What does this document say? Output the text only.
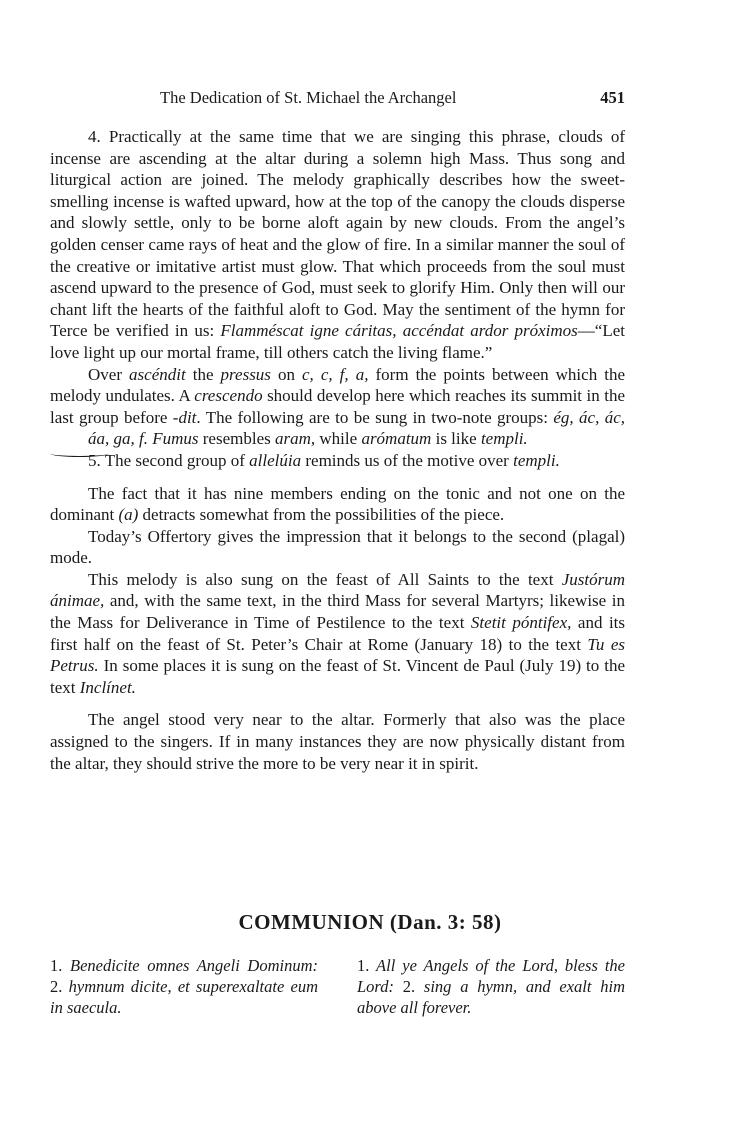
The Dedication of St. Michael the Archangel	451

4. Practically at the same time that we are singing this phrase, clouds of incense are ascending at the altar during a solemn high Mass. Thus song and liturgical action are joined. The melody graphically describes how the sweet-smelling incense is wafted upward, how at the top of the canopy the clouds disperse and slowly settle, only to be borne aloft again by new clouds. From the angel’s golden censer came rays of heat and the glow of fire. In a similar manner the soul of the creative or imitative artist must glow. That which proceeds from the soul must ascend upward to the presence of God, must seek to glorify Him. Only then will our chant lift the hearts of the faithful aloft to God. May the sentiment of the hymn for Terce be verified in us: Flamméscat igne cáritas, accéndat ardor próximos—“Let love light up our mortal frame, till others catch the living flame.”

Over ascéndit the pressus on c, c, f, a, form the points between which the melody undulates. A crescendo should develop here which reaches its summit in the last group before -dit. The following are to be sung in two-note groups: ég, ác, ác, áa, ga, f. Fumus resembles aram, while arómatum is like templi.

5. The second group of allelúia reminds us of the motive over templi.

The fact that it has nine members ending on the tonic and not one on the dominant (a) detracts somewhat from the possibilities of the piece.

Today’s Offertory gives the impression that it belongs to the second (plagal) mode.

This melody is also sung on the feast of All Saints to the text Justórum ánimae, and, with the same text, in the third Mass for several Martyrs; likewise in the Mass for Deliverance in Time of Pestilence to the text Stetit póntifex, and its first half on the feast of St. Peter’s Chair at Rome (January 18) to the text Tu es Petrus. In some places it is sung on the feast of St. Vincent de Paul (July 19) to the text Inclínet.

The angel stood very near to the altar. Formerly that also was the place assigned to the singers. If in many instances they are now physically distant from the altar, they should strive the more to be very near it in spirit.

COMMUNION (Dan. 3: 58)
1. Benedicite omnes Angeli Dominum: 2. hymnum dicite, et superexaltate eum in saecula.
1. All ye Angels of the Lord, bless the Lord: 2. sing a hymn, and exalt him above all forever.
